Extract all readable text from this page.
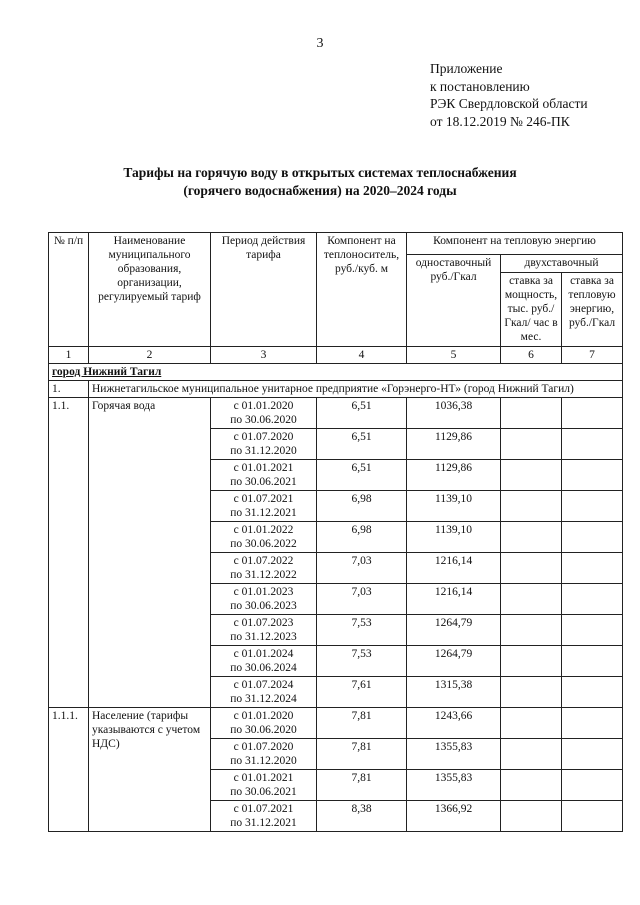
3
Приложение
к постановлению
РЭК Свердловской области
от 18.12.2019 № 246-ПК
Тарифы на горячую воду в открытых системах теплоснабжения
(горячего водоснабжения) на 2020–2024 годы
№ п/п	Наименование муниципального образования, организации, регулируемый тариф	Период действия тарифа	Компонент на теплоноситель, руб./куб. м	Компонент на тепловую энергию		
				одноставочный руб./Гкал	двухставочный	
					ставка за мощность, тыс. руб./Гкал/ час в мес.	ставка за тепловую энергию, руб./Гкал
1	2	3	4	5	6	7
город Нижний Тагил						
1.	Нижнетагильское муниципальное унитарное предприятие «Горэнерго-НТ» (город Нижний Тагил)					
1.1.	Горячая вода	с 01.01.2020
по 30.06.2020	6,51	1036,38		

		с 01.07.2020
по 31.12.2020	6,51	1129,86		

		с 01.01.2021
по 30.06.2021	6,51	1129,86		

		с 01.07.2021
по 31.12.2021	6,98	1139,10		

		с 01.01.2022
по 30.06.2022	6,98	1139,10		

		с 01.07.2022
по 31.12.2022	7,03	1216,14		

		с 01.01.2023
по 30.06.2023	7,03	1216,14		

		с 01.07.2023
по 31.12.2023	7,53	1264,79		

		с 01.01.2024
по 30.06.2024	7,53	1264,79		

		с 01.07.2024
по 31.12.2024	7,61	1315,38		
1.1.1.	Население (тарифы указываются с учетом НДС)	с 01.01.2020
по 30.06.2020	7,81	1243,66		

		с 01.07.2020
по 31.12.2020	7,81	1355,83		

		с 01.01.2021
по 30.06.2021	7,81	1355,83		

		с 01.07.2021
по 31.12.2021	8,38	1366,92		
